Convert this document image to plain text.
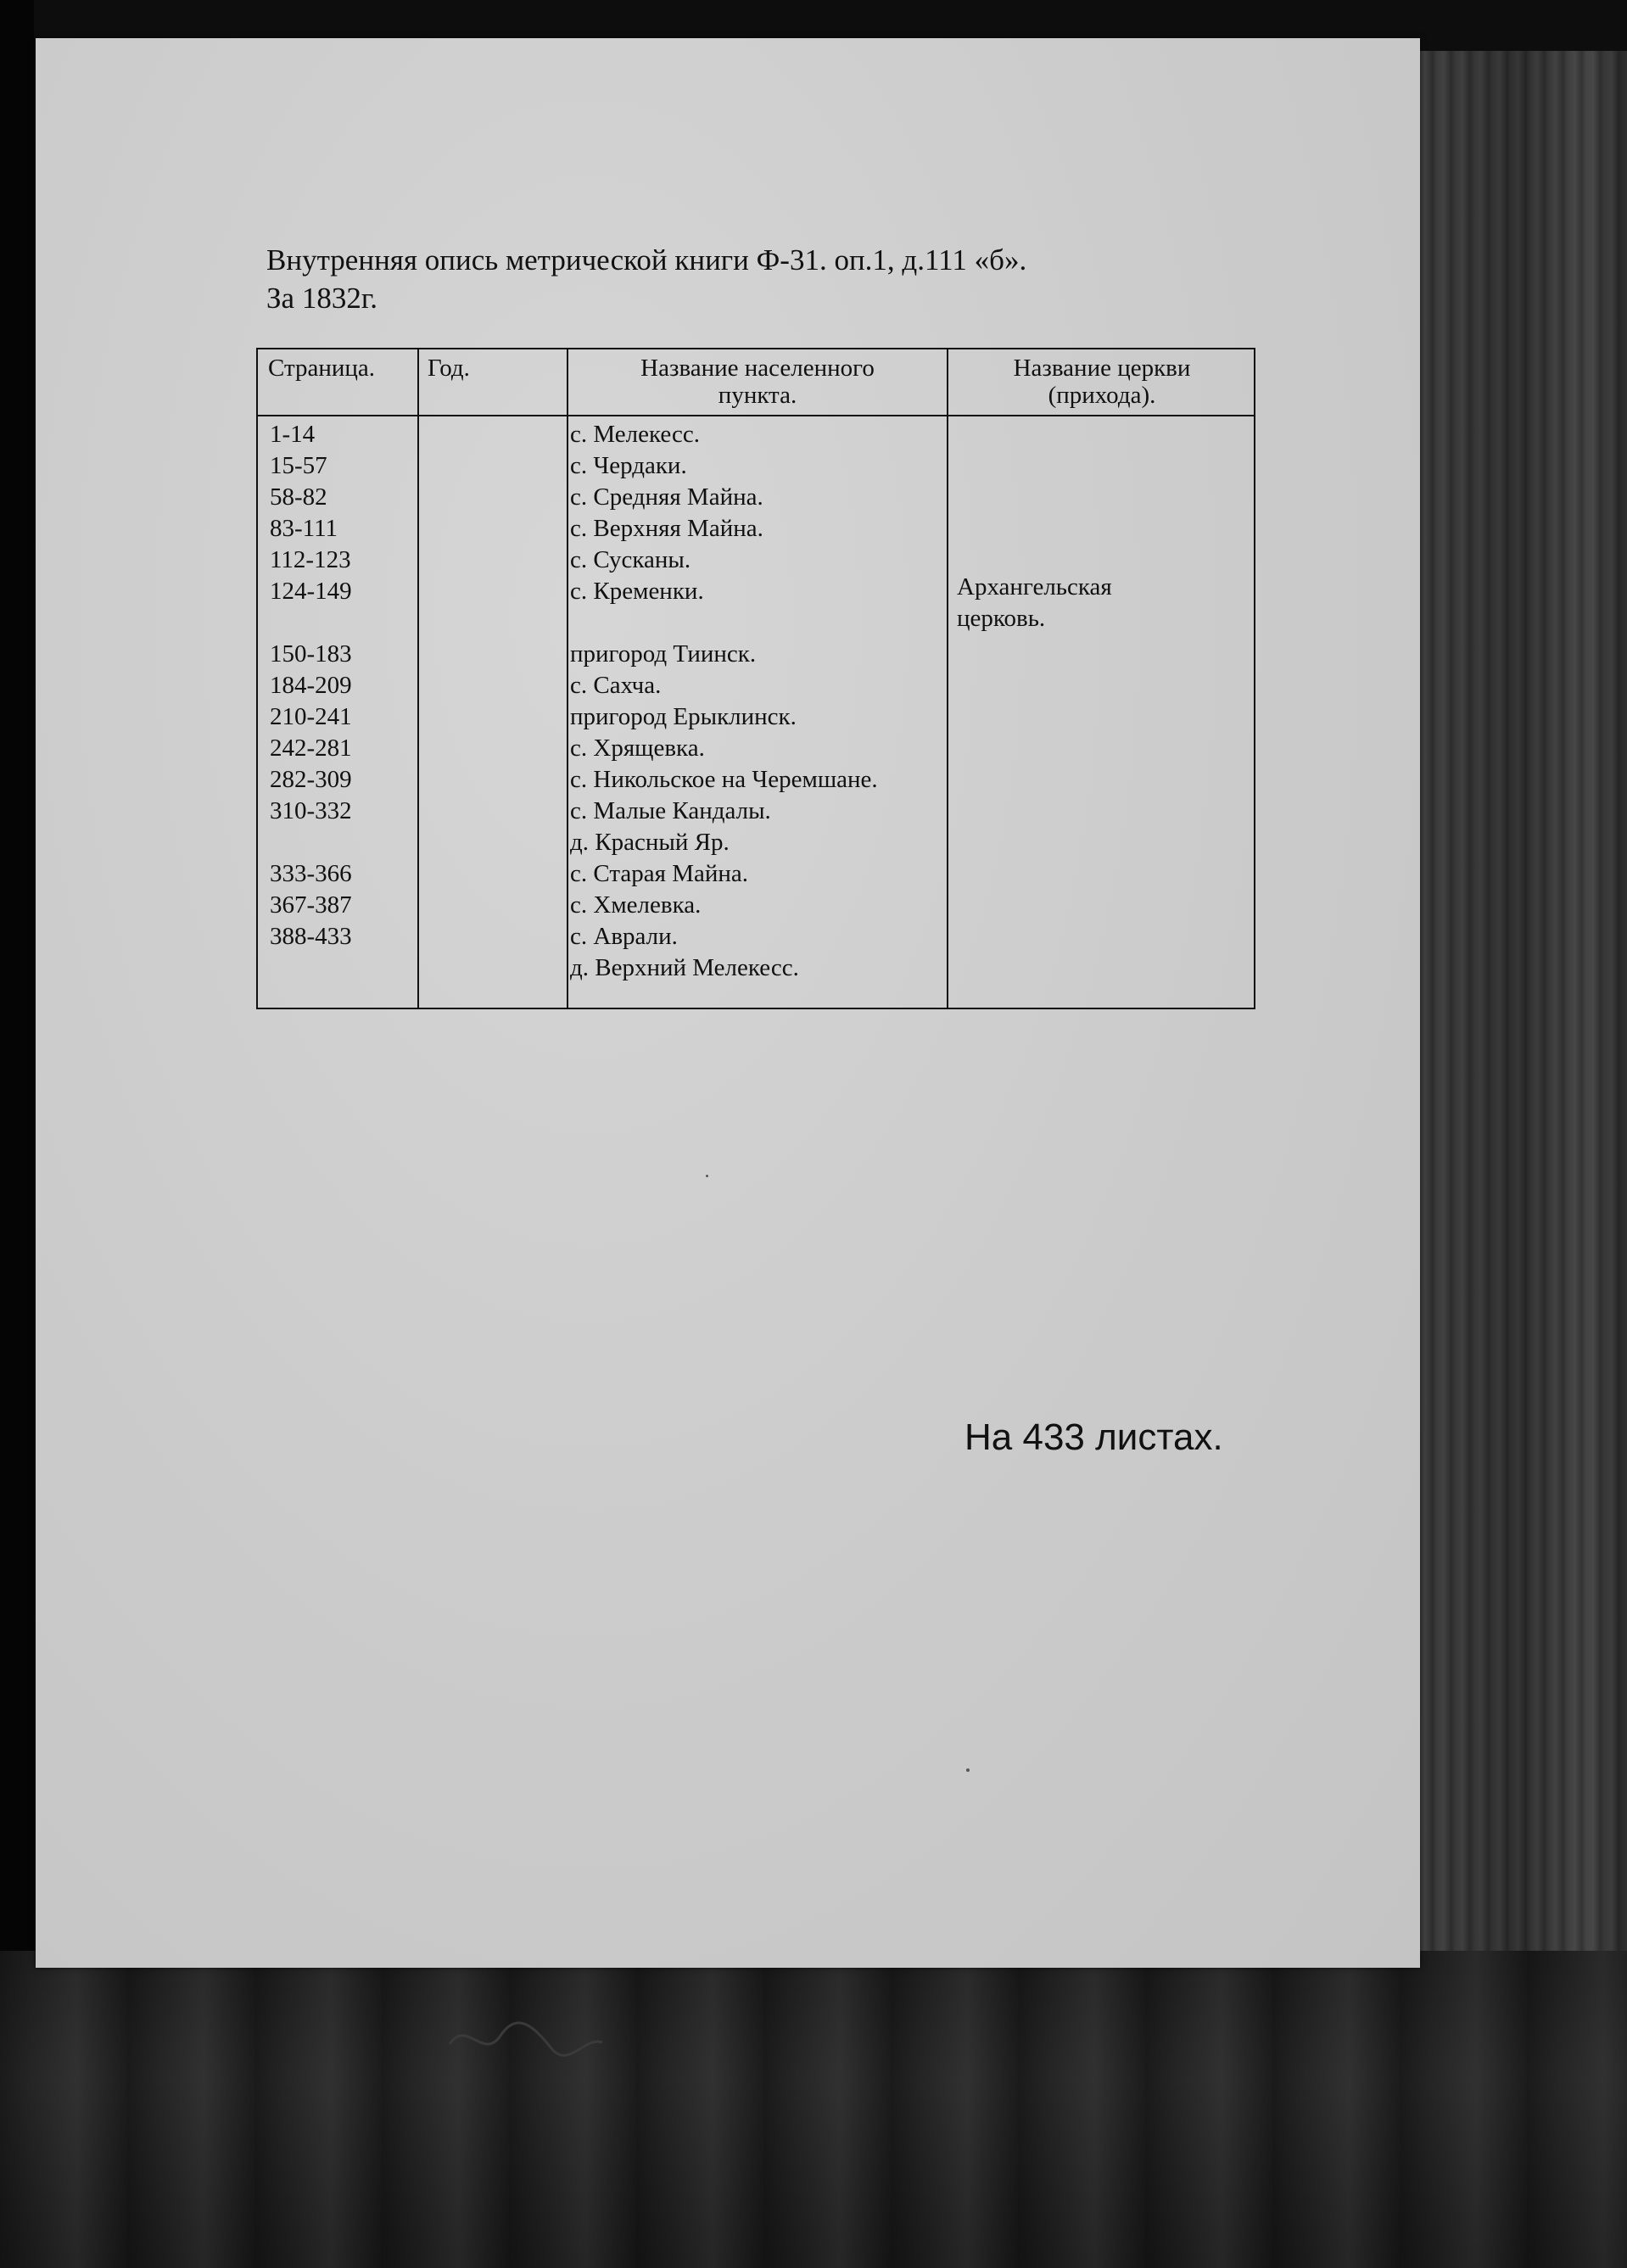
Внутренняя опись метрической книги Ф-31. оп.1, д.111 «б».
За 1832г.
Страница.	Год.	Название населенного
пункта.
Название церкви
(прихода).
1-14
15-57
58-82
83-111
112-123
124-149
150-183
184-209
210-241
242-281
282-309
310-332
333-366
367-387
388-433
с. Мелекесс.
с. Чердаки.
с. Средняя Майна.
с. Верхняя Майна.
с. Сусканы.
с. Кременки.
пригород Тиинск.
с. Сахча.
пригород Ерыклинск.
с. Хрящевка.
с. Никольское на Черемшане.
с. Малые Кандалы.
д. Красный Яр.
с. Старая Майна.
с. Хмелевка.
с. Аврали.
д. Верхний Мелекесс.
Архангельская
церковь.
На 433 листах.
